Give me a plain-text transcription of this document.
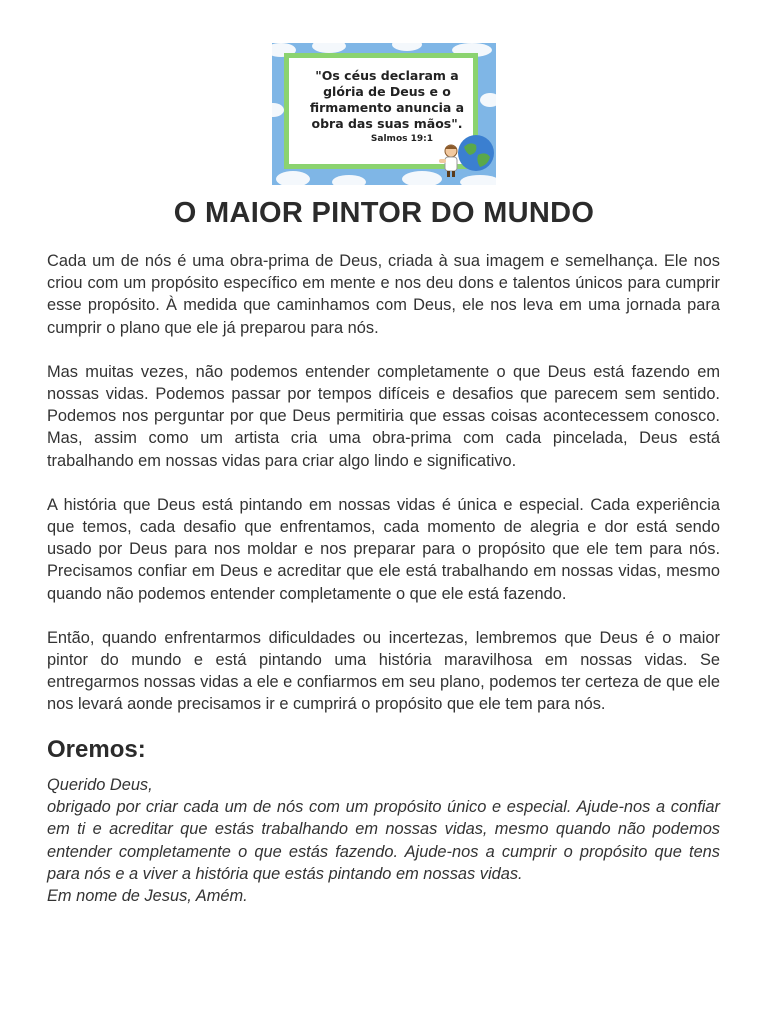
"Os céus declaram a glória de Deus e o firmamento anuncia a obra das suas mãos".
Salmos 19:1
O MAIOR PINTOR DO MUNDO

Cada um de nós é uma obra-prima de Deus, criada à sua imagem e semelhança. Ele nos criou com um propósito específico em mente e nos deu dons e talentos únicos para cumprir esse propósito. À medida que caminhamos com Deus, ele nos leva em uma jornada para cumprir o plano que ele já preparou para nós.

Mas muitas vezes, não podemos entender completamente o que Deus está fazendo em nossas vidas. Podemos passar por tempos difíceis e desafios que parecem sem sentido. Podemos nos perguntar por que Deus permitiria que essas coisas acontecessem conosco. Mas, assim como um artista cria uma obra-prima com cada pincelada, Deus está trabalhando em nossas vidas para criar algo lindo e significativo.

A história que Deus está pintando em nossas vidas é única e especial. Cada experiência que temos, cada desafio que enfrentamos, cada momento de alegria e dor está sendo usado por Deus para nos moldar e nos preparar para o propósito que ele tem para nós. Precisamos confiar em Deus e acreditar que ele está trabalhando em nossas vidas, mesmo quando não podemos entender completamente o que ele está fazendo.

Então, quando enfrentarmos dificuldades ou incertezas, lembremos que Deus é o maior pintor do mundo e está pintando uma história maravilhosa em nossas vidas. Se entregarmos nossas vidas a ele e confiarmos em seu plano, podemos ter certeza de que ele nos levará aonde precisamos ir e cumprirá o propósito que ele tem para nós.

Oremos:
Querido Deus,
obrigado por criar cada um de nós com um propósito único e especial. Ajude-nos a confiar em ti e acreditar que estás trabalhando em nossas vidas, mesmo quando não podemos entender completamente o que estás fazendo. Ajude-nos a cumprir o propósito que tens para nós e a viver a história que estás pintando em nossas vidas.
Em nome de Jesus, Amém.
